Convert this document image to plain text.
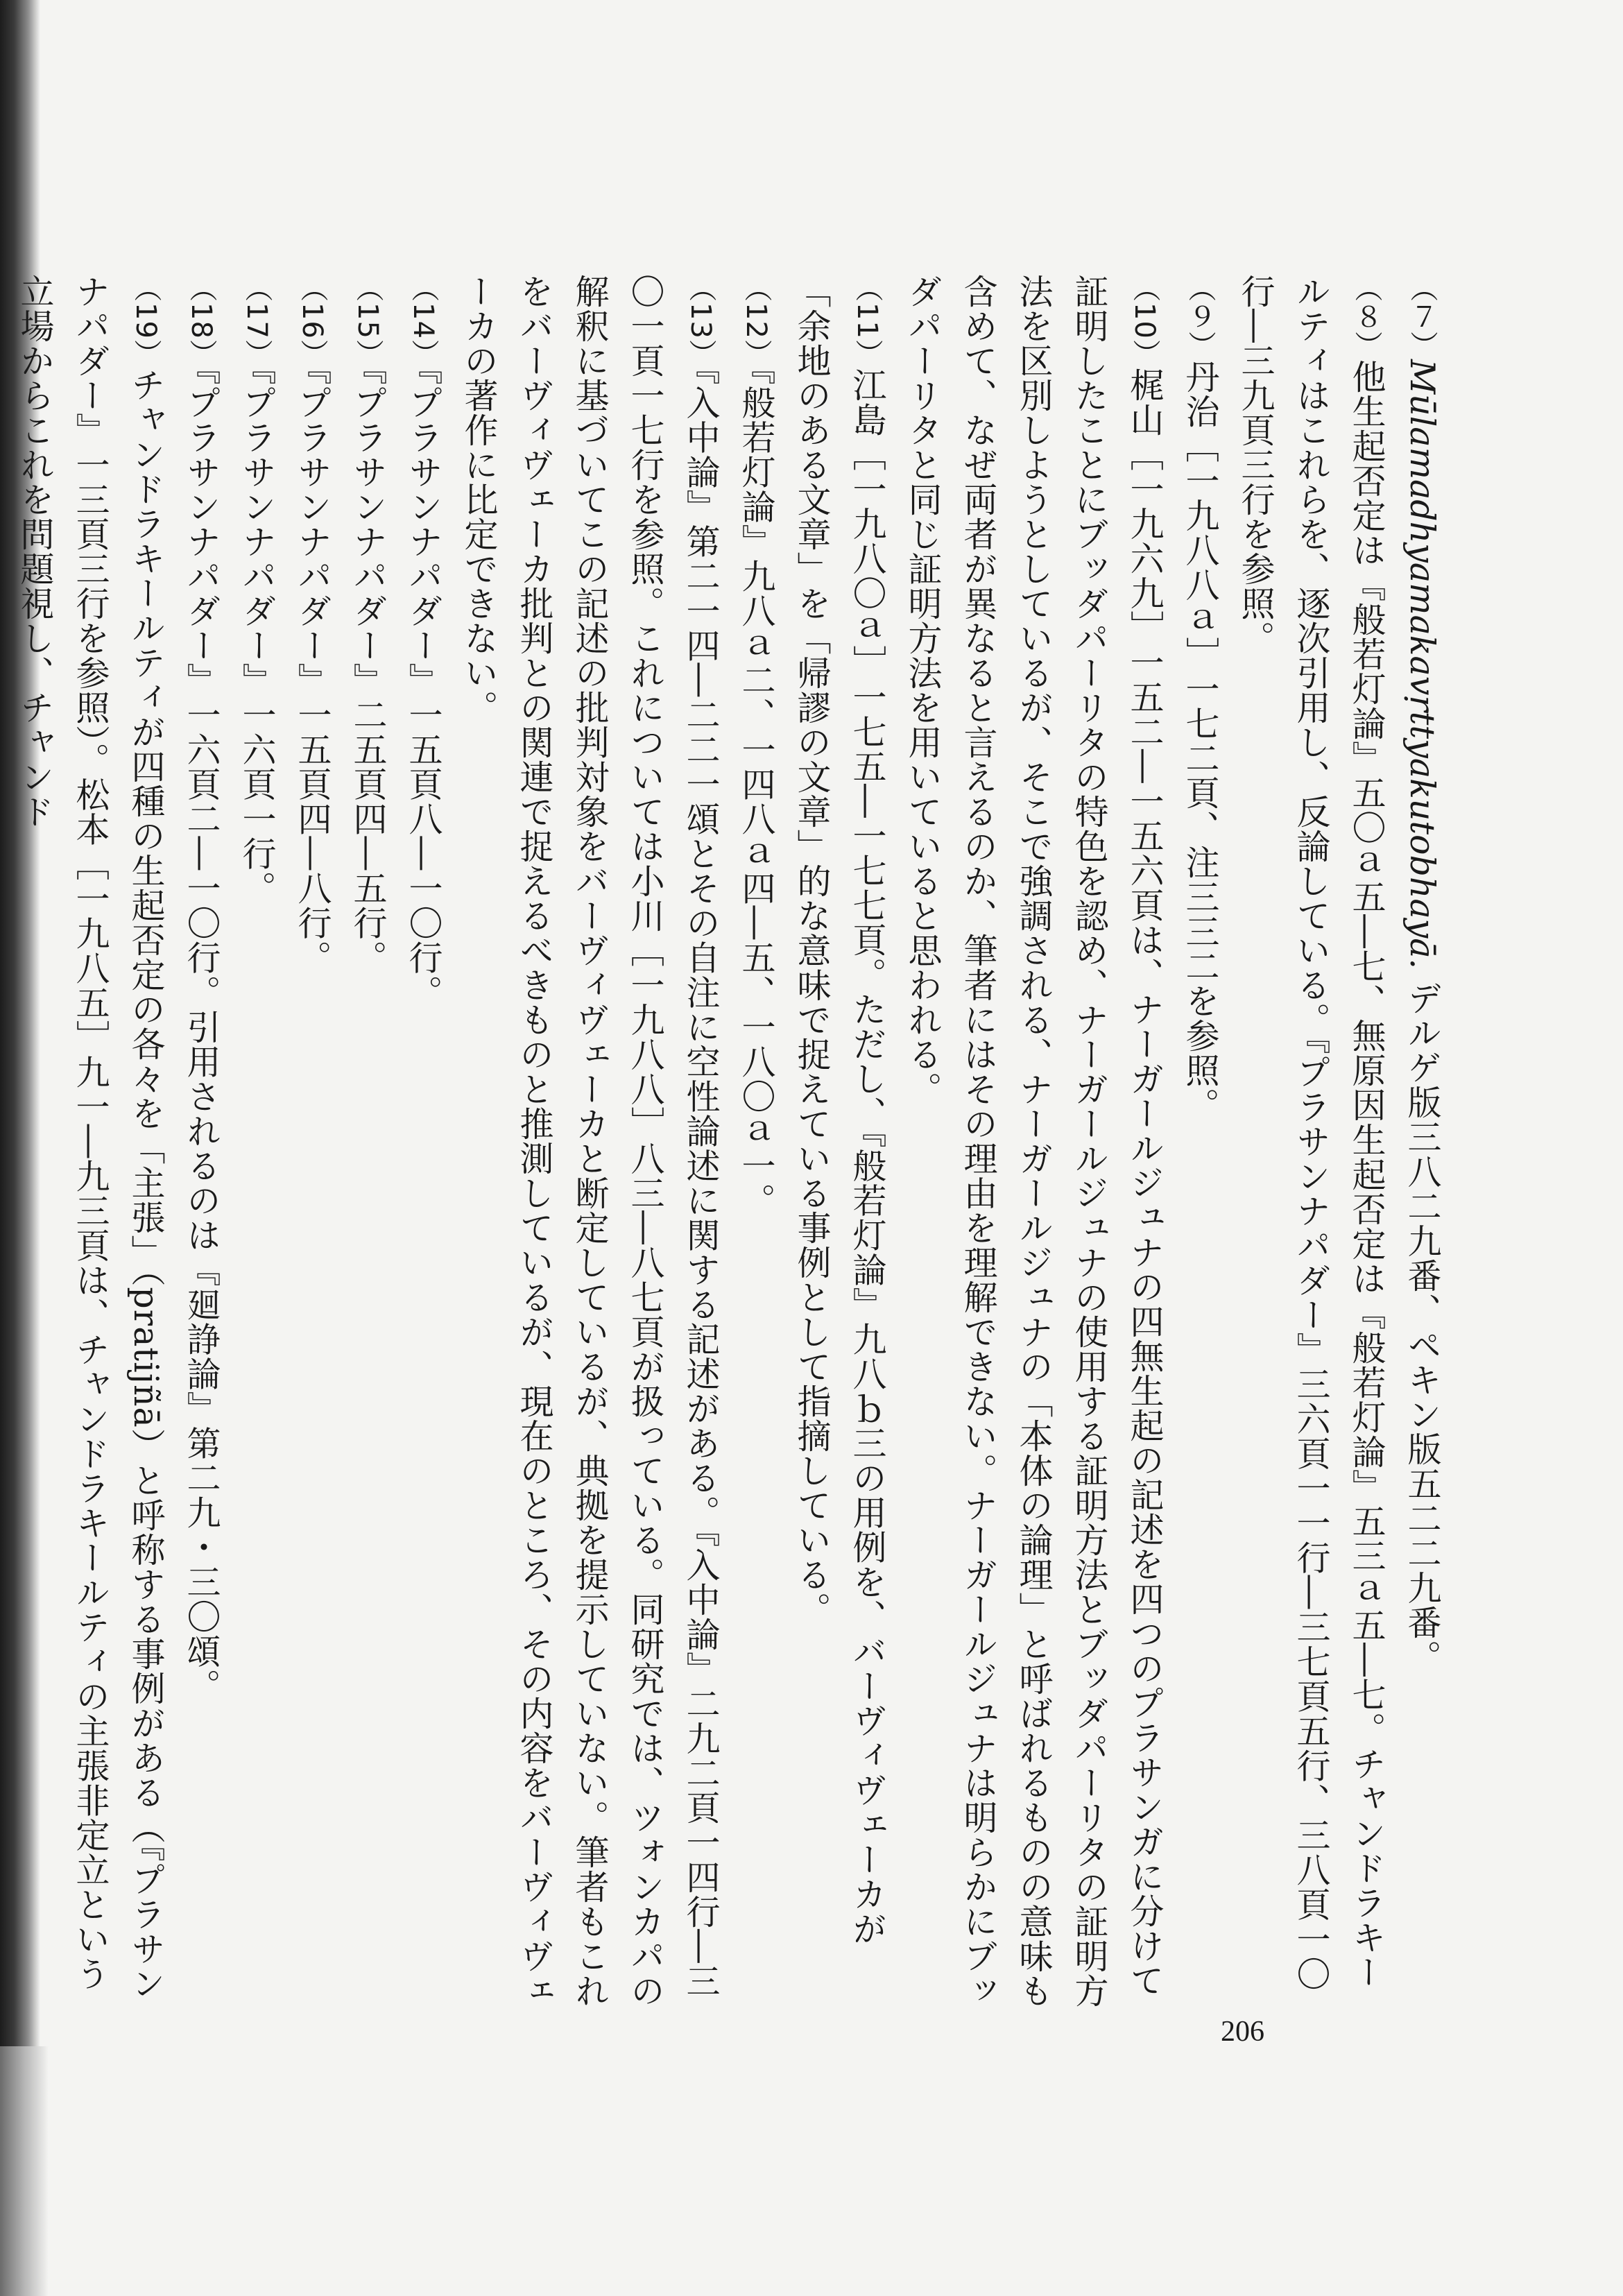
（７）Mūlamadhyamakavṛttyakutobhayā. デルゲ版三八二九番、ペキン版五二二九番。
（８）他生起否定は『般若灯論』五〇ａ五―七、無原因生起否定は『般若灯論』五三ａ五―七。チャンドラキールティはこれらを、逐次引用し、反論している。『プラサンナパダー』三六頁一一行―三七頁五行、三八頁一〇行―三九頁三行を参照。
（９）丹治［一九八八ａ］一七二頁、注三三二を参照。
（10）梶山［一九六九］一五二―一五六頁は、ナーガールジュナの四無生起の記述を四つのプラサンガに分けて証明したことにブッダパーリタの特色を認め、ナーガールジュナの使用する証明方法とブッダパーリタの証明方法を区別しようとしているが、そこで強調される、ナーガールジュナの「本体の論理」と呼ばれるものの意味も含めて、なぜ両者が異なると言えるのか、筆者にはその理由を理解できない。ナーガールジュナは明らかにブッダパーリタと同じ証明方法を用いていると思われる。
（11）江島［一九八〇ａ］一七五―一七七頁。ただし、『般若灯論』九八ｂ三の用例を、バーヴィヴェーカが「余地のある文章」を「帰謬の文章」的な意味で捉えている事例として指摘している。
（12）『般若灯論』九八ａ二、一四八ａ四―五、一八〇ａ一。
（13）『入中論』第二一四―二二一頌とその自注に空性論述に関する記述がある。『入中論』二九二頁一四行―三〇一頁一七行を参照。これについては小川［一九八八］八三―八七頁が扱っている。同研究では、ツォンカパの解釈に基づいてこの記述の批判対象をバーヴィヴェーカと断定しているが、典拠を提示していない。筆者もこれをバーヴィヴェーカ批判との関連で捉えるべきものと推測しているが、現在のところ、その内容をバーヴィヴェーカの著作に比定できない。
（14）『プラサンナパダー』一五頁八―一〇行。
（15）『プラサンナパダー』二五頁四―五行。
（16）『プラサンナパダー』一五頁四―八行。
（17）『プラサンナパダー』一六頁一行。
（18）『プラサンナパダー』一六頁二―一〇行。引用されるのは『廻諍論』第二九・三〇頌。
（19）チャンドラキールティが四種の生起否定の各々を「主張」（pratijñā）と呼称する事例がある（『プラサンナパダー』一三頁三行を参照）。松本［一九八五］九一―九三頁は、チャンドラキールティの主張非定立という立場からこれを問題視し、チャンド
206
